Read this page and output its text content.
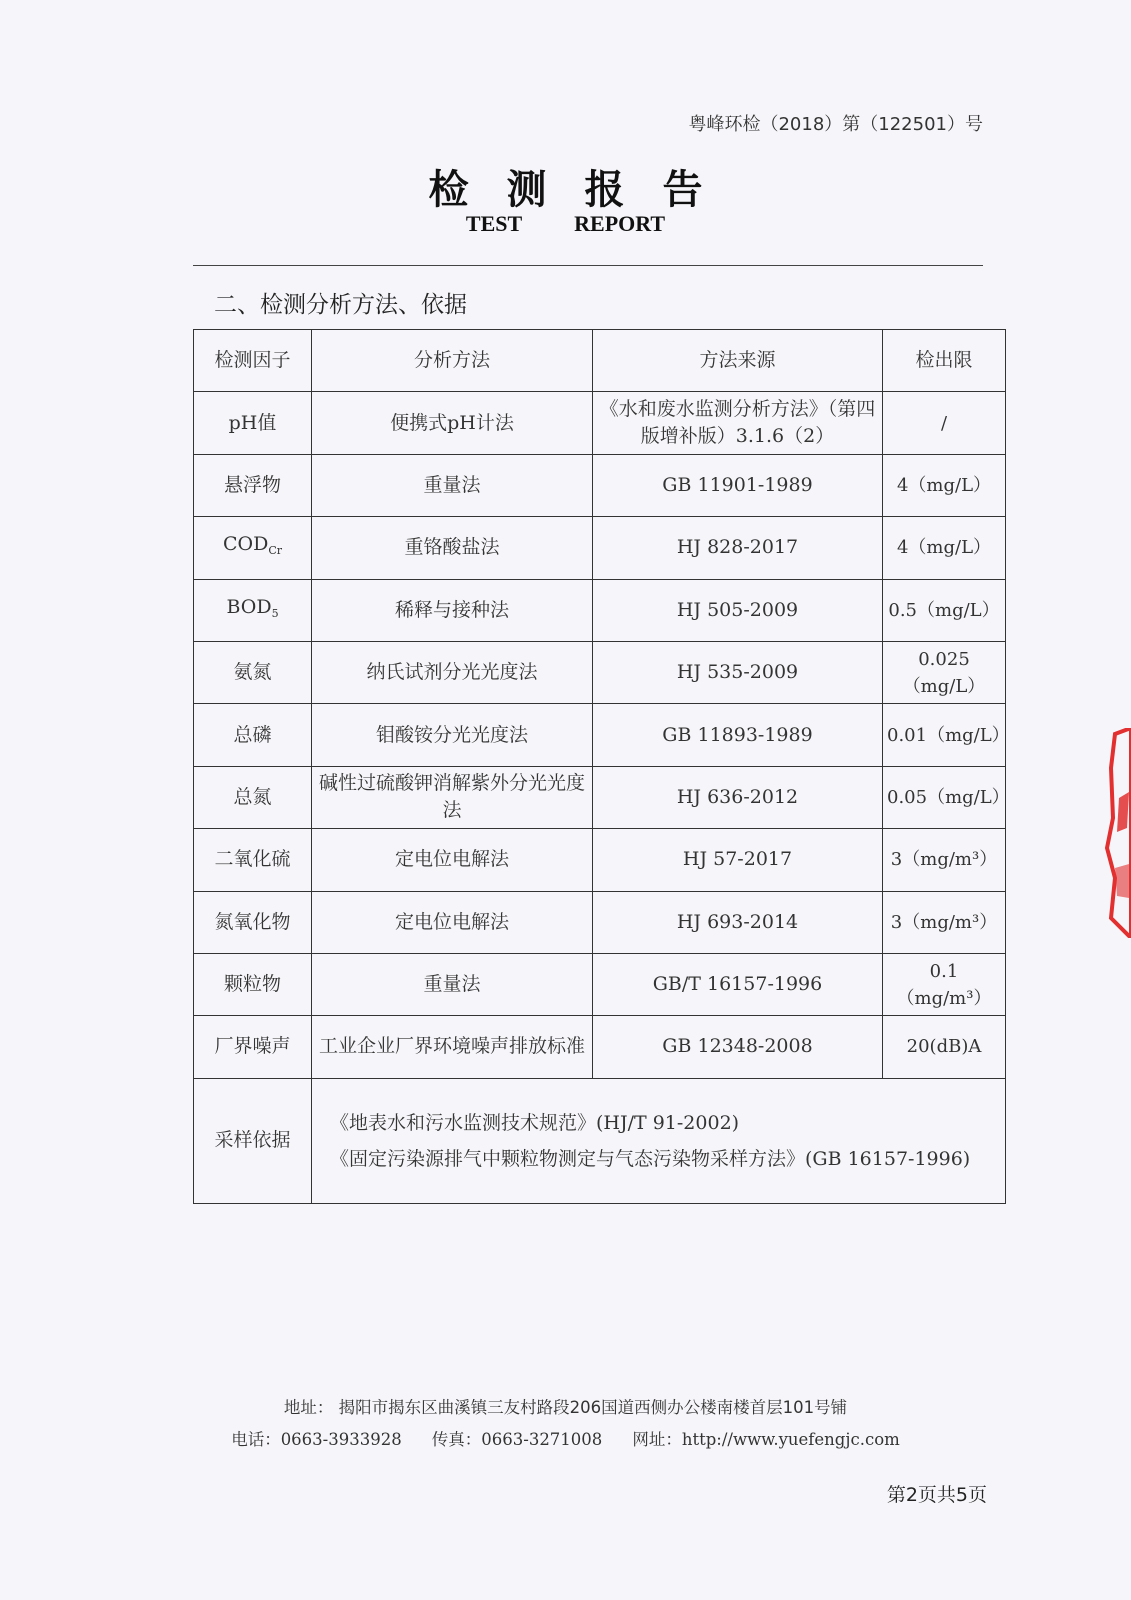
粤峰环检（2018）第（122501）号
检测报告
TEST REPORT
二、检测分析方法、依据
检测因子	分析方法	方法来源	检出限
pH值	便携式pH计法	《水和废水监测分析方法》（第四版增补版）3.1.6（2）	/
悬浮物	重量法	GB 11901-1989	4（mg/L）
$COD_{Cr}$	重铬酸盐法	HJ 828-2017	4（mg/L）
$BOD_5$	稀释与接种法	HJ 505-2009	0.5（mg/L）
氨氮	纳氏试剂分光光度法	HJ 535-2009	0.025（mg/L）
总磷	钼酸铵分光光度法	GB 11893-1989	0.01（mg/L）
总氮	碱性过硫酸钾消解紫外分光光度法	HJ 636-2012	0.05（mg/L）
二氧化硫	定电位电解法	HJ 57-2017	3（mg/m³）
氮氧化物	定电位电解法	HJ 693-2014	3（mg/m³）
颗粒物	重量法	GB/T 16157-1996	0.1（mg/m³）
厂界噪声	工业企业厂界环境噪声排放标准	GB 12348-2008	20(dB)A
采样依据	《地表水和污水监测技术规范》(HJ/T 91-2002)
《固定污染源排气中颗粒物测定与气态污染物采样方法》(GB 16157-1996)		
地址： 揭阳市揭东区曲溪镇三友村路段206国道西侧办公楼南楼首层101号铺
电话：0663-3933928 传真：0663-3271008 网址：http://www.yuefengjc.com
第2页共5页
